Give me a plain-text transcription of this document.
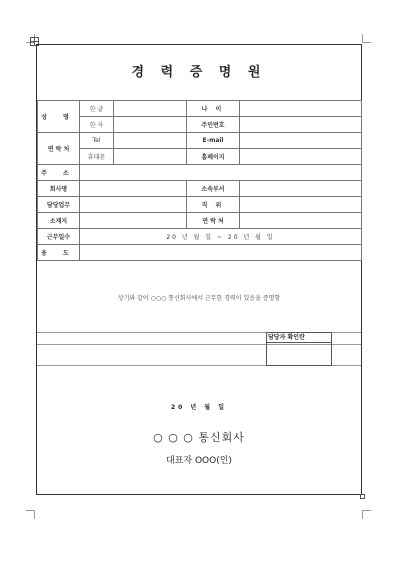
경 력 증 명 원
성 명	한 글		나 이	
	한 자		주민번호	
연 락 처	Tel		E-mail	
	휴대폰		홈페이지	
주 소				
회사명			소속부서	
담당업무			직 위	
소재지			연 락 처	
근무일수	20 년 월 일 ~ 20 년 월 일			
용 도				
상기와 같이 ○○○ 통신회사에서 근무한 경력이 있음을 증명함
담당자 확인란
20 년 월 일
○ ○ ○ 통신회사
대표자 OOO(인)
